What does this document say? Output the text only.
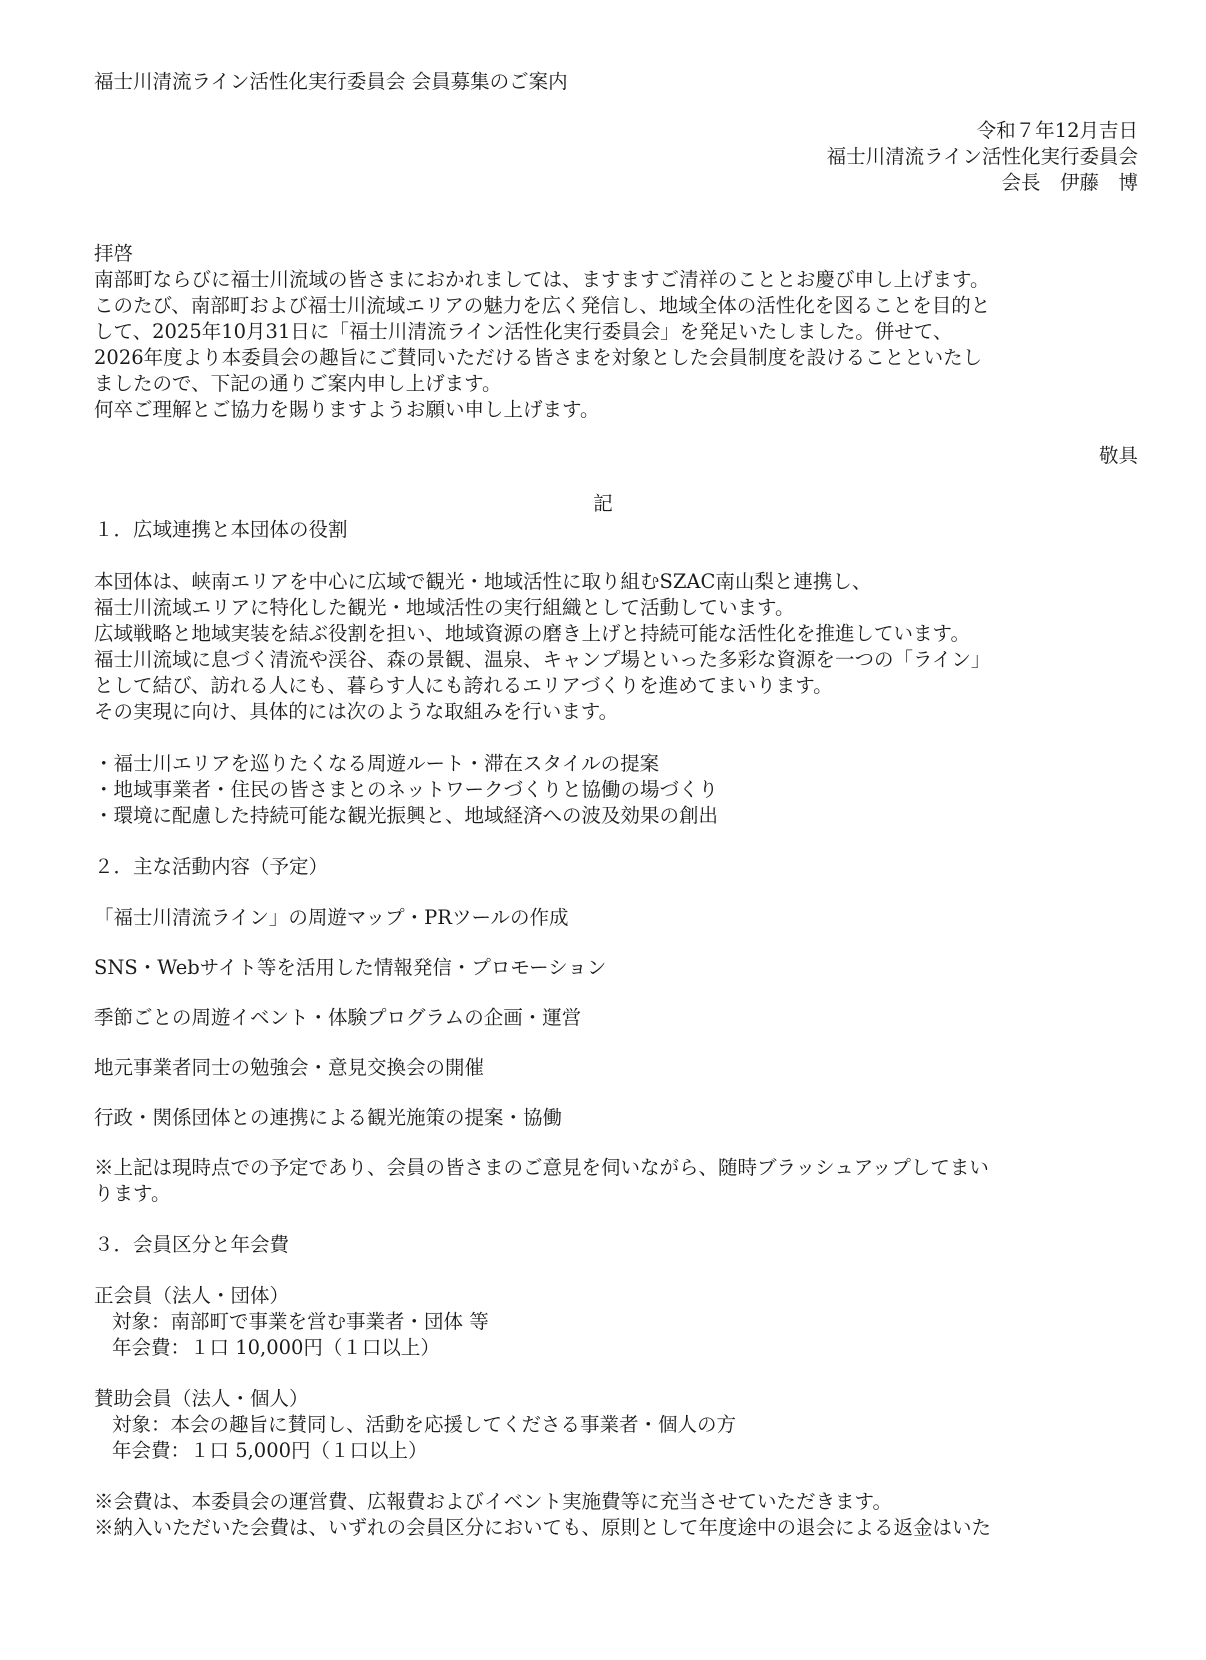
福士川清流ライン活性化実行委員会 会員募集のご案内
令和７年12月吉日
福士川清流ライン活性化実行委員会
会長　伊藤　博
拝啓
南部町ならびに福士川流域の皆さまにおかれましては、ますますご清祥のこととお慶び申し上げます。
このたび、南部町および福士川流域エリアの魅力を広く発信し、地域全体の活性化を図ることを目的と
して、2025年10月31日に「福士川清流ライン活性化実行委員会」を発足いたしました。併せて、
2026年度より本委員会の趣旨にご賛同いただける皆さまを対象とした会員制度を設けることといたし
ましたので、下記の通りご案内申し上げます。
何卒ご理解とご協力を賜りますようお願い申し上げます。
敬具
記
１．広域連携と本団体の役割
本団体は、峡南エリアを中心に広域で観光・地域活性に取り組むSZAC南山梨と連携し、
福士川流域エリアに特化した観光・地域活性の実行組織として活動しています。
広域戦略と地域実装を結ぶ役割を担い、地域資源の磨き上げと持続可能な活性化を推進しています。
福士川流域に息づく清流や渓谷、森の景観、温泉、キャンプ場といった多彩な資源を一つの「ライン」
として結び、訪れる人にも、暮らす人にも誇れるエリアづくりを進めてまいります。
その実現に向け、具体的には次のような取組みを行います。
・福士川エリアを巡りたくなる周遊ルート・滞在スタイルの提案
・地域事業者・住民の皆さまとのネットワークづくりと協働の場づくり
・環境に配慮した持続可能な観光振興と、地域経済への波及効果の創出
２．主な活動内容（予定）
「福士川清流ライン」の周遊マップ・PRツールの作成
SNS・Webサイト等を活用した情報発信・プロモーション
季節ごとの周遊イベント・体験プログラムの企画・運営
地元事業者同士の勉強会・意見交換会の開催
行政・関係団体との連携による観光施策の提案・協働
※上記は現時点での予定であり、会員の皆さまのご意見を伺いながら、随時ブラッシュアップしてまい
ります。
３．会員区分と年会費
正会員（法人・団体）
対象：南部町で事業を営む事業者・団体 等
年会費：１口 10,000円（１口以上）
賛助会員（法人・個人）
対象：本会の趣旨に賛同し、活動を応援してくださる事業者・個人の方
年会費：１口 5,000円（１口以上）
※会費は、本委員会の運営費、広報費およびイベント実施費等に充当させていただきます。
※納入いただいた会費は、いずれの会員区分においても、原則として年度途中の退会による返金はいた
